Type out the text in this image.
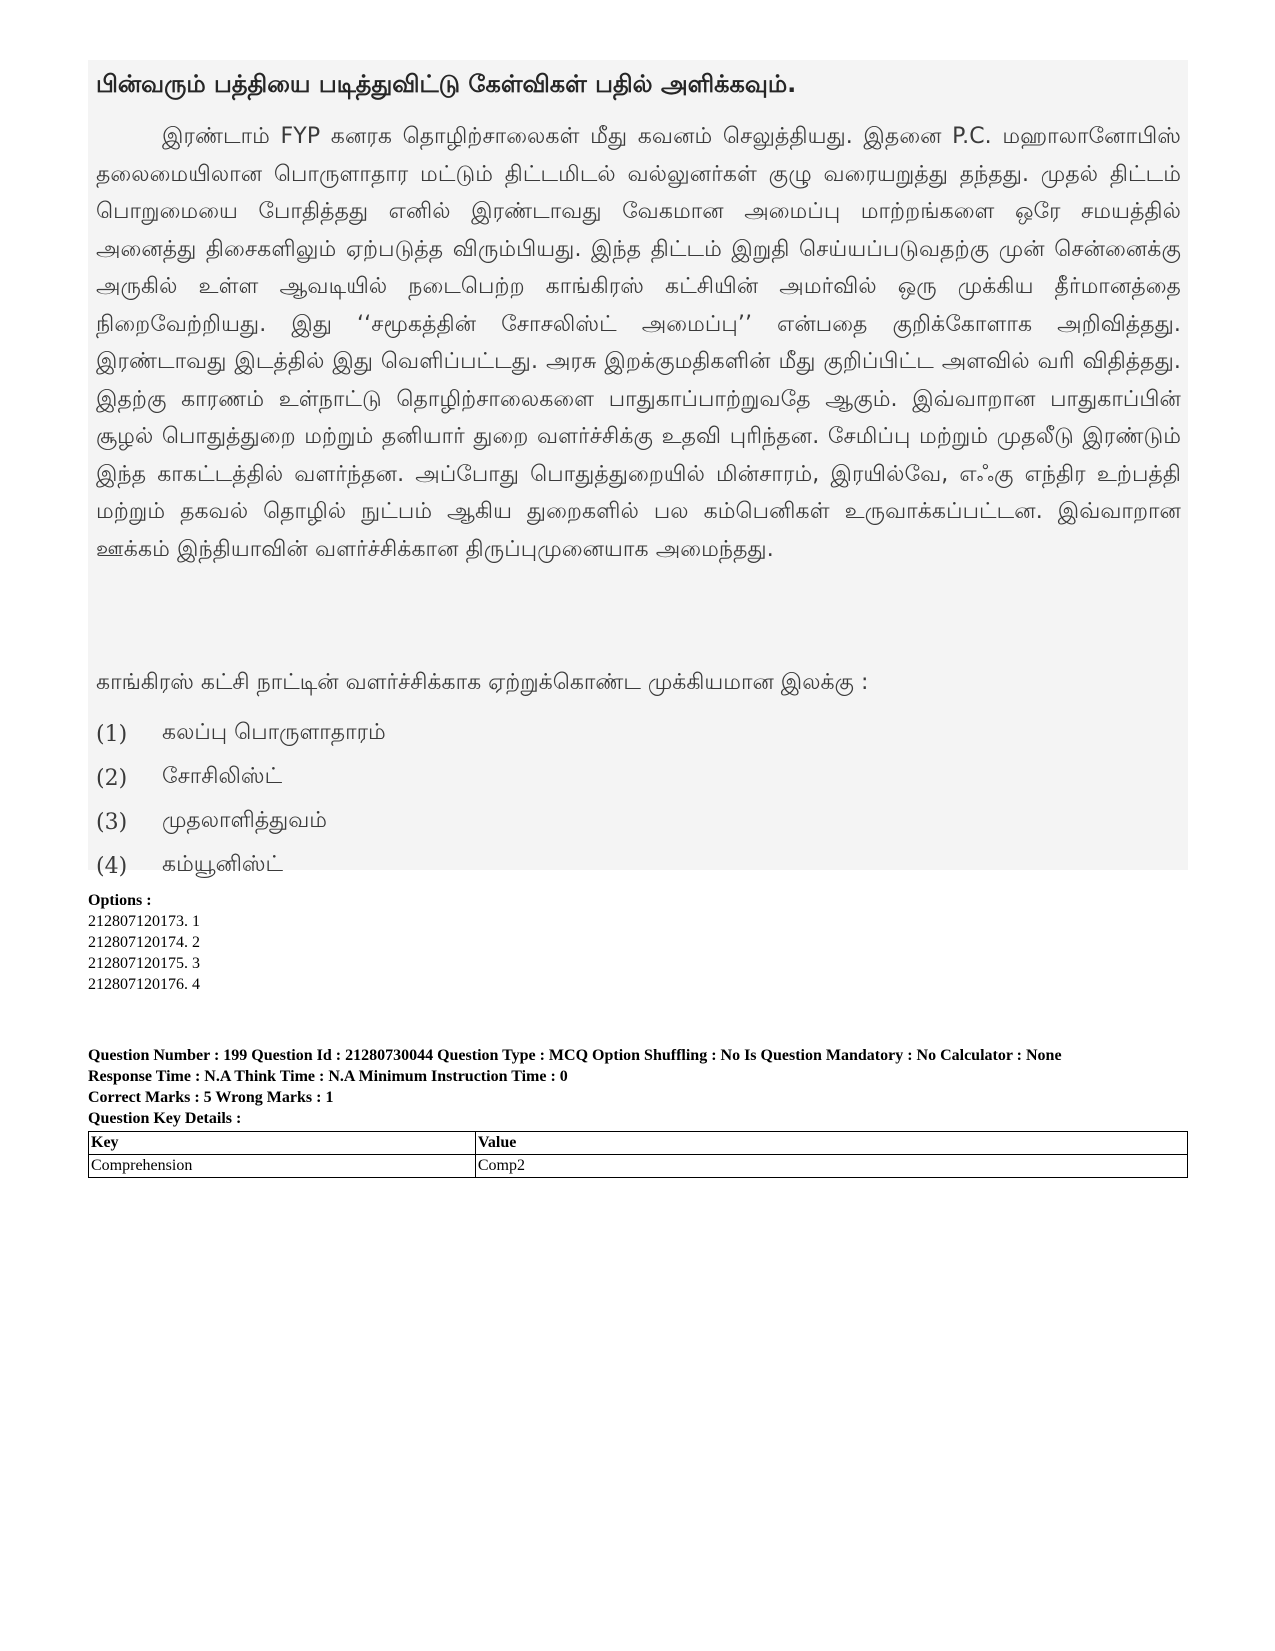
பின்வரும் பத்தியை படித்துவிட்டு கேள்விகள் பதில் அளிக்கவும்.
இரண்டாம் FYP கனரக தொழிற்சாலைகள் மீது கவனம் செலுத்தியது. இதனை P.C. மஹாலானோபிஸ் தலைமையிலான பொருளாதார மட்டும் திட்டமிடல் வல்லுனர்கள் குழு வரையறுத்து தந்தது. முதல் திட்டம் பொறுமையை போதித்தது எனில் இரண்டாவது வேகமான அமைப்பு மாற்றங்களை ஒரே சமயத்தில் அனைத்து திசைகளிலும் ஏற்படுத்த விரும்பியது. இந்த திட்டம் இறுதி செய்யப்படுவதற்கு முன் சென்னைக்கு அருகில் உள்ள ஆவடியில் நடைபெற்ற காங்கிரஸ் கட்சியின் அமர்வில் ஒரு முக்கிய தீர்மானத்தை நிறைவேற்றியது. இது ‘‘சமூகத்தின் சோசலிஸ்ட் அமைப்பு’’ என்பதை குறிக்கோளாக அறிவித்தது. இரண்டாவது இடத்தில் இது வெளிப்பட்டது. அரசு இறக்குமதிகளின் மீது குறிப்பிட்ட அளவில் வரி விதித்தது. இதற்கு காரணம் உள்நாட்டு தொழிற்சாலைகளை பாதுகாப்பாற்றுவதே ஆகும். இவ்வாறான பாதுகாப்பின் சூழல் பொதுத்துறை மற்றும் தனியார் துறை வளர்ச்சிக்கு உதவி புரிந்தன. சேமிப்பு மற்றும் முதலீடு இரண்டும் இந்த காகட்டத்தில் வளர்ந்தன. அப்போது பொதுத்துறையில் மின்சாரம், இரயில்வே, எஃகு எந்திர உற்பத்தி மற்றும் தகவல் தொழில் நுட்பம் ஆகிய துறைகளில் பல கம்பெனிகள் உருவாக்கப்பட்டன. இவ்வாறான ஊக்கம் இந்தியாவின் வளர்ச்சிக்கான திருப்புமுனையாக அமைந்தது.
காங்கிரஸ் கட்சி நாட்டின் வளர்ச்சிக்காக ஏற்றுக்கொண்ட முக்கியமான இலக்கு :
(1)	கலப்பு பொருளாதாரம்
(2)	சோசிலிஸ்ட்
(3)	முதலாளித்துவம்
(4)	கம்யூனிஸ்ட்
Options :
212807120173. 1
212807120174. 2
212807120175. 3
212807120176. 4
Question Number : 199 Question Id : 21280730044 Question Type : MCQ Option Shuffling : No Is Question Mandatory : No Calculator : None
Response Time : N.A Think Time : N.A Minimum Instruction Time : 0
Correct Marks : 5 Wrong Marks : 1
Question Key Details :
Key	Value
Comprehension	Comp2
